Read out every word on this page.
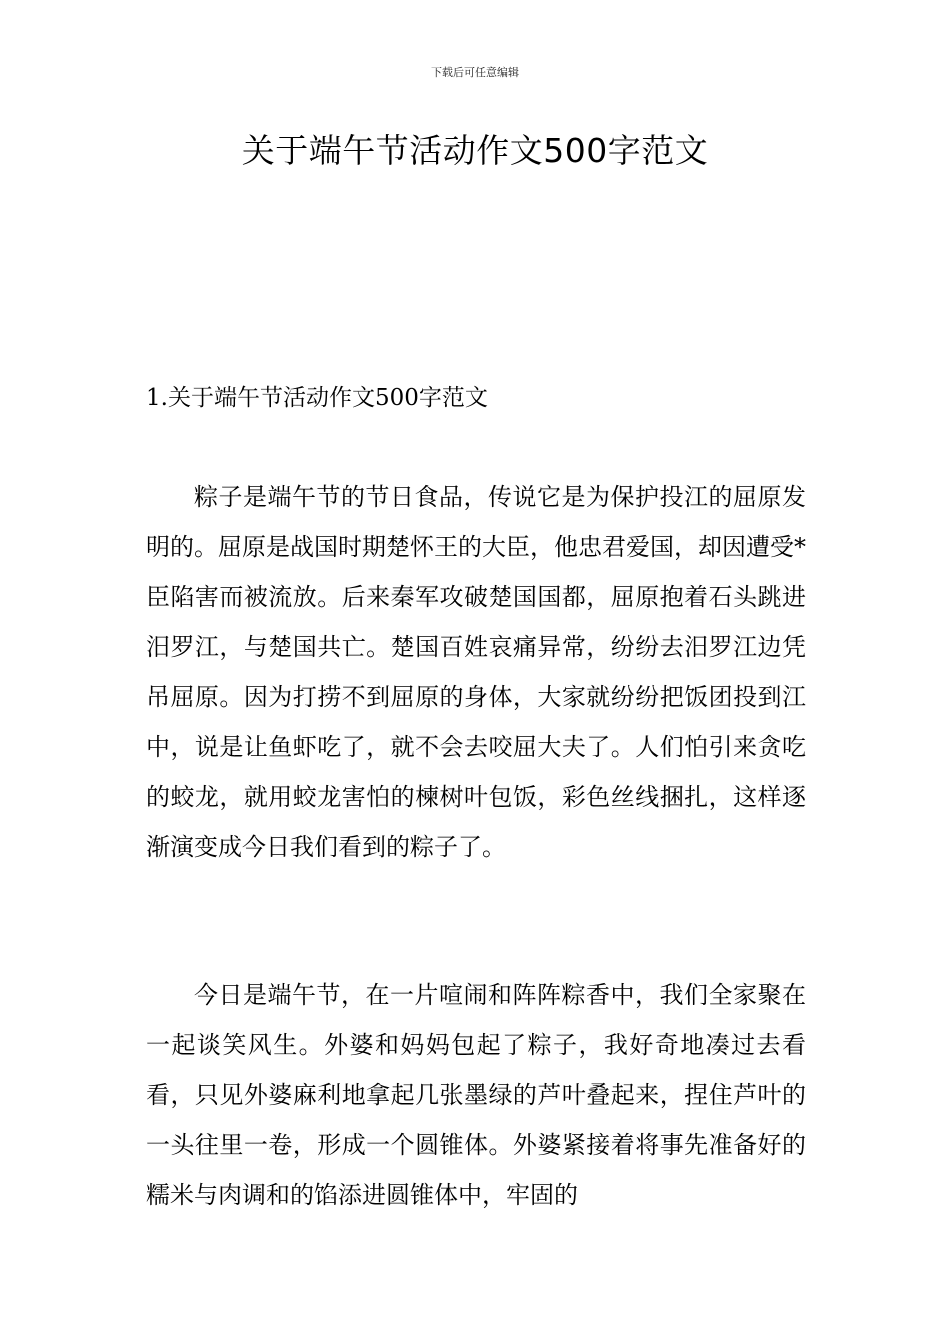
下载后可任意编辑
关于端午节活动作文500字范文
1.关于端午节活动作文500字范文

粽子是端午节的节日食品，传说它是为保护投江的屈原发明的。屈原是战国时期楚怀王的大臣，他忠君爱国，却因遭受*臣陷害而被流放。后来秦军攻破楚国国都，屈原抱着石头跳进汨罗江，与楚国共亡。楚国百姓哀痛异常，纷纷去汨罗江边凭吊屈原。因为打捞不到屈原的身体，大家就纷纷把饭团投到江中，说是让鱼虾吃了，就不会去咬屈大夫了。人们怕引来贪吃的蛟龙，就用蛟龙害怕的楝树叶包饭，彩色丝线捆扎，这样逐渐演变成今日我们看到的粽子了。

今日是端午节，在一片喧闹和阵阵粽香中，我们全家聚在一起谈笑风生。外婆和妈妈包起了粽子，我好奇地凑过去看看，只见外婆麻利地拿起几张墨绿的芦叶叠起来，捏住芦叶的一头往里一卷，形成一个圆锥体。外婆紧接着将事先准备好的糯米与肉调和的馅添进圆锥体中，牢固的
